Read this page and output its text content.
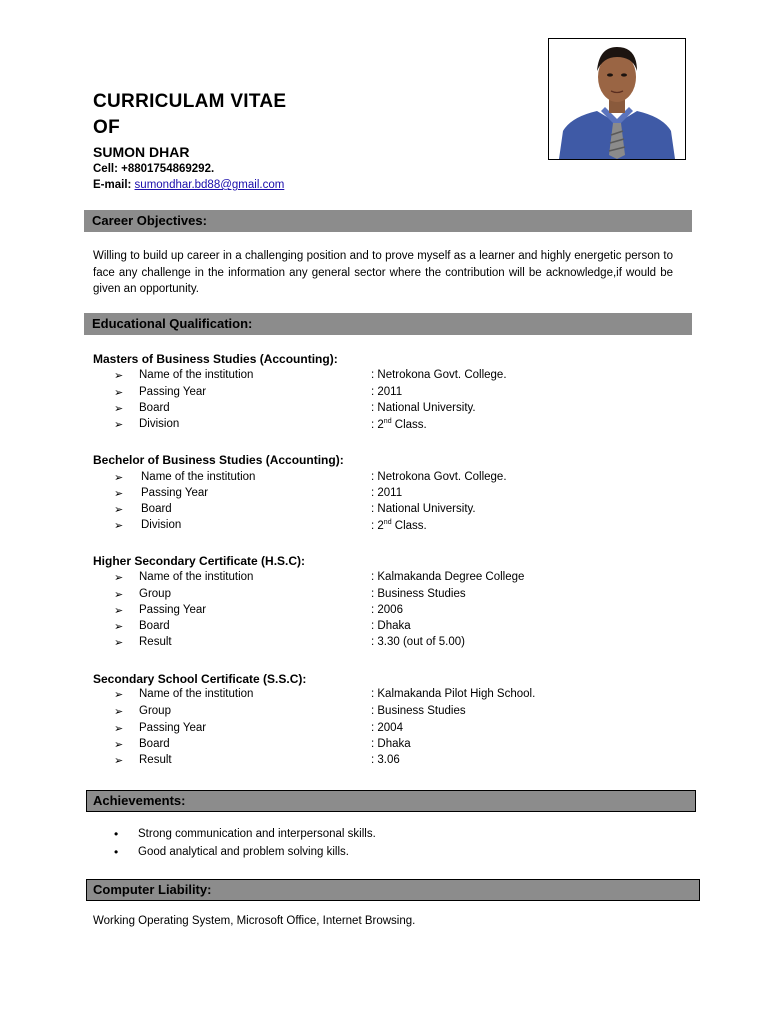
CURRICULAM VITAE
OF
SUMON DHAR
Cell: +8801754869292.
E-mail: sumondhar.bd88@gmail.com
Career Objectives:
Willing to build up career in a challenging position and to prove myself as a learner and highly energetic person to face any challenge in the information any general sector where the contribution will be acknowledge,if would be given an opportunity.
Educational Qualification:
Masters of Business Studies (Accounting):
➢ Name of the institution	: Netrokona Govt. College.
➢ Passing Year	: 2011
➢ Board	: National University.
➢ Division	: 2nd Class.
Bechelor of Business Studies (Accounting):
➢ Name of the institution	: Netrokona Govt. College.
➢ Passing Year	: 2011
➢ Board	: National University.
➢ Division	: 2nd Class.
Higher Secondary Certificate (H.S.C):
➢ Name of the institution	: Kalmakanda Degree College
➢ Group	: Business Studies
➢ Passing Year	: 2006
➢ Board	: Dhaka
➢ Result	: 3.30 (out of 5.00)
Secondary School Certificate (S.S.C):
➢ Name of the institution	: Kalmakanda Pilot High School.
➢ Group	: Business Studies
➢ Passing Year	: 2004
➢ Board	: Dhaka
➢ Result	: 3.06
Achievements:
• Strong communication and interpersonal skills.
• Good analytical and problem solving kills.
Computer Liability:
Working Operating System, Microsoft Office, Internet Browsing.
